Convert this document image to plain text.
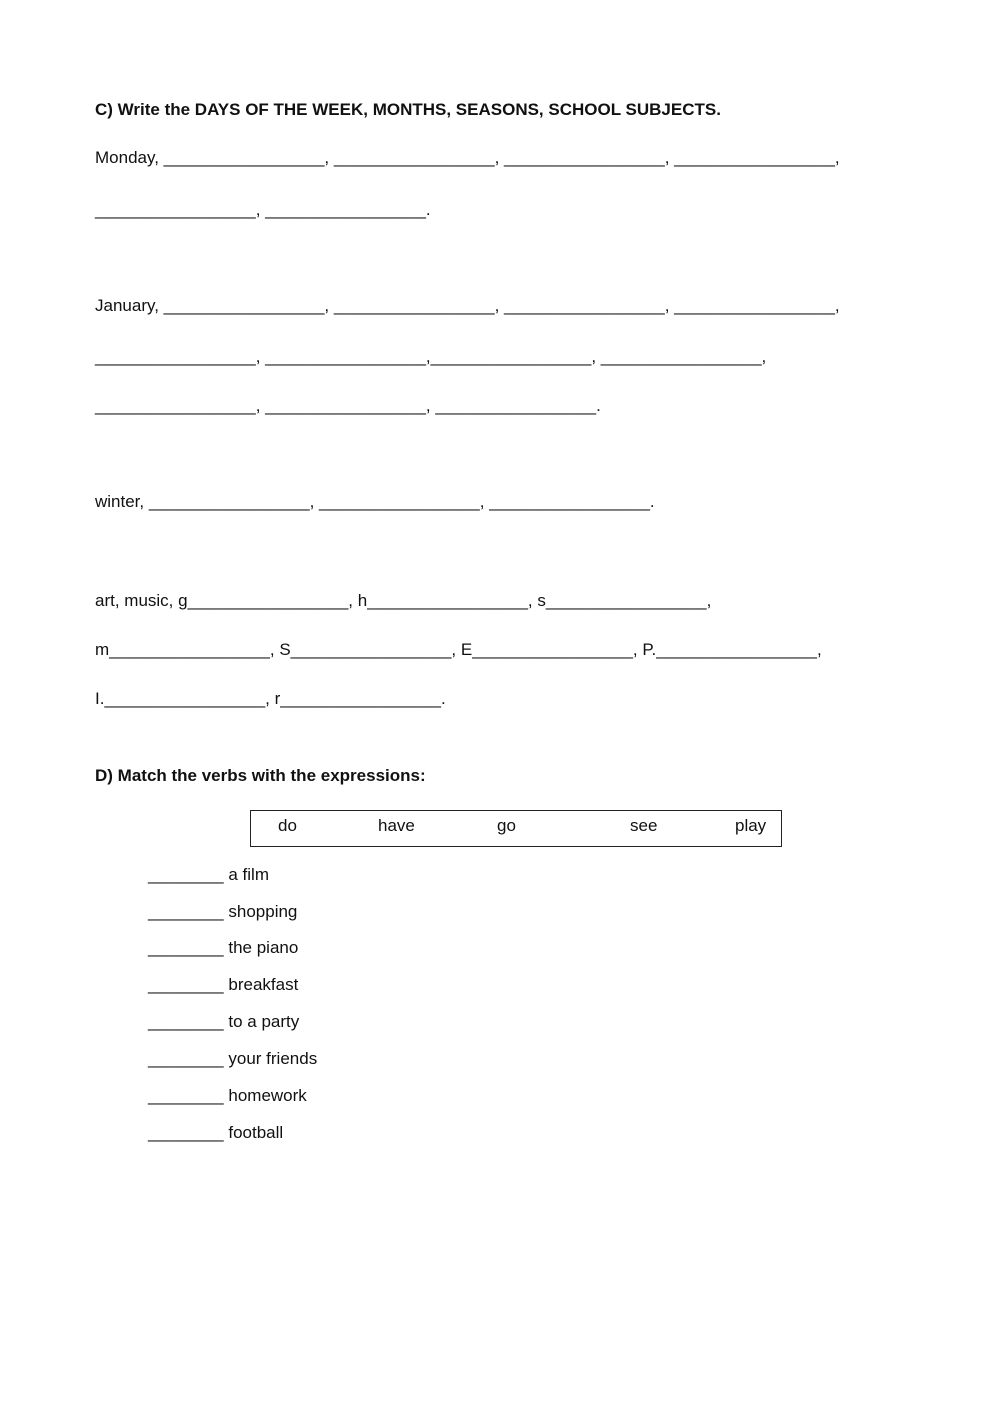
C) Write the DAYS OF THE WEEK, MONTHS, SEASONS, SCHOOL SUBJECTS.
Monday, _________________, _________________, _________________, _________________,
_________________, _________________.
January, _________________, _________________, _________________, _________________,
_________________, _________________,_________________, _________________,
_________________, _________________, _________________.
winter, _________________, _________________, _________________.
art, music, g_________________, h_________________, s_________________,
m_________________, S_________________, E_________________, P._________________,
I._________________, r_________________.
D) Match the verbs with the expressions:
do	have	go	see	play
________ a film
________ shopping
________ the piano
________ breakfast
________ to a party
________ your friends
________ homework
________ football
